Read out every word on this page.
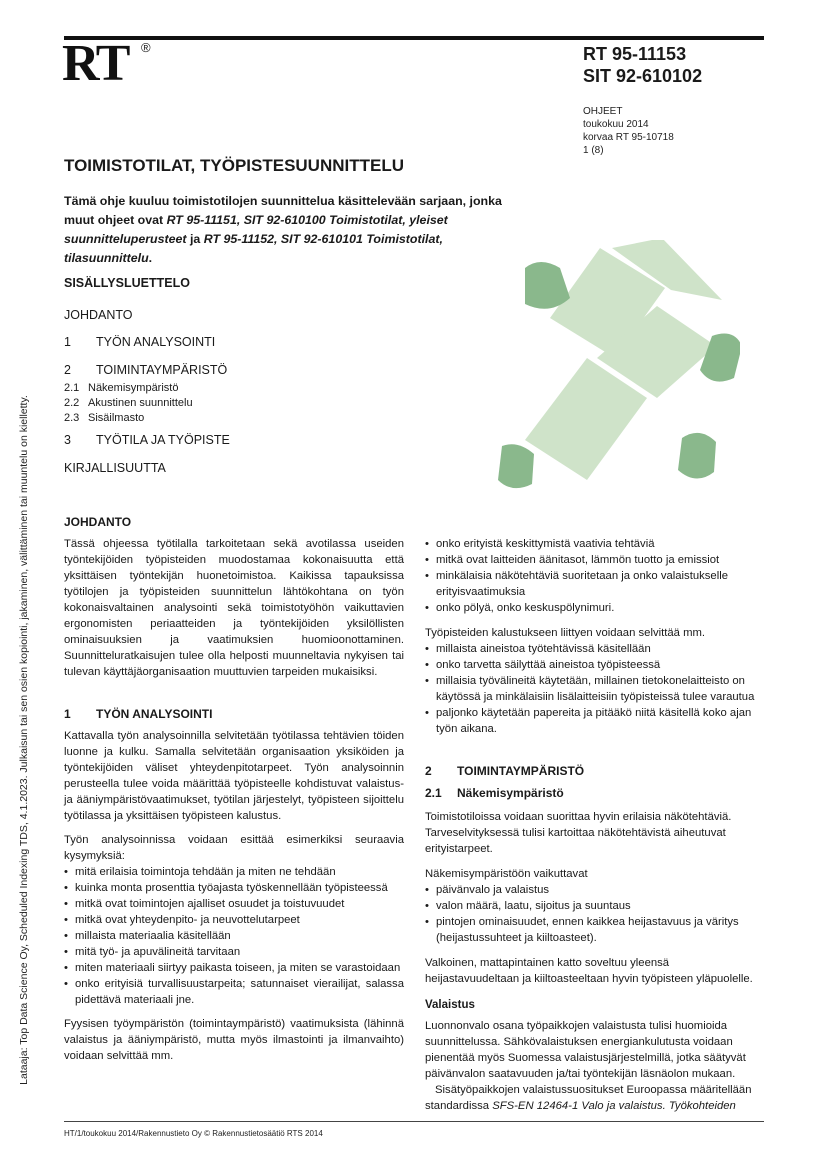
RT ®	RT 95-11153
SIT 92-610102
OHJEET
toukokuu 2014
korvaa RT 95-10718
1 (8)
TOIMISTOTILAT, TYÖPISTESUUNNITTELU
Tämä ohje kuuluu toimistotilojen suunnittelua käsittelevään sarjaan, jonka muut ohjeet ovat RT 95-11151, SIT 92-610100 Toimistotilat, yleiset suunnitteluperusteet ja RT 95-11152, SIT 92-610101 Toimistotilat, tilasuunnittelu.
SISÄLLYSLUETTELO
JOHDANTO
1 TYÖN ANALYSOINTI
2 TOIMINTAYMPÄRISTÖ
2.1 Näkemisympäristö
2.2 Akustinen suunnittelu
2.3 Sisäilmasto
3 TYÖTILA JA TYÖPISTE
KIRJALLISUUTTA
Lataaja: Top Data Science Oy, Scheduled Indexing TDS, 4.1.2023. Julkaisun tai sen osien kopiointi, jakaminen, välittäminen tai muuntelu on kielletty.	JOHDANTO

Tässä ohjeessa työtilalla tarkoitetaan sekä avotilassa useiden työntekijöiden työpisteiden muodostamaa kokonaisuutta että yksittäisen työntekijän huonetoimistoa. Kaikissa tapauksissa työtilojen ja työpisteiden suunnittelun lähtökohtana on työn kokonaisvaltainen analysointi sekä toimistotyöhön vaikuttavien ergonomisten periaatteiden ja työntekijöiden yksilöllisten ominaisuuksien ja vaatimuksien huomioonottaminen. Suunnitteluratkaisujen tulee olla helposti muunneltavia nykyisen tai tulevan käyttäjäorganisaation muuttuvien tarpeiden mukaisiksi.

1 TYÖN ANALYSOINTI

Kattavalla työn analysoinnilla selvitetään työtilassa tehtävien töiden luonne ja kulku. Samalla selvitetään organisaation yksiköiden ja työntekijöiden väliset yhteydenpitotarpeet. Työn analysoinnin perusteella tulee voida määrittää työpisteelle kohdistuvat valaistus- ja ääniympäristövaatimukset, työtilan järjestelyt, työpisteen sijoittelu työtilassa ja yksittäisen työpisteen kalustus.

Työn analysoinnissa voidaan esittää esimerkiksi seuraavia kysymyksiä:

• mitä erilaisia toimintoja tehdään ja miten ne tehdään
• kuinka monta prosenttia työajasta työskennellään työpisteessä
• mitkä ovat toimintojen ajalliset osuudet ja toistuvuudet
• mitkä ovat yhteydenpito- ja neuvottelutarpeet
• millaista materiaalia käsitellään
• mitä työ- ja apuvälineitä tarvitaan
• miten materiaali siirtyy paikasta toiseen, ja miten se varastoidaan
• onko erityisiä turvallisuustarpeita; satunnaiset vierailijat, salassa pidettävä materiaali jne.

Fyysisen työympäristön (toimintaympäristö) vaatimuksista (lähinnä valaistus ja ääniympäristö, mutta myös ilmastointi ja ilmanvaihto) voidaan selvittää mm.

• onko erityistä keskittymistä vaativia tehtäviä
• mitkä ovat laitteiden äänitasot, lämmön tuotto ja emissiot
• minkälaisia näkötehtäviä suoritetaan ja onko valaistukselle erityisvaatimuksia
• onko pölyä, onko keskuspölynimuri.

Työpisteiden kalustukseen liittyen voidaan selvittää mm.

• millaista aineistoa työtehtävissä käsitellään
• onko tarvetta säilyttää aineistoa työpisteessä
• millaisia työvälineitä käytetään, millainen tietokonelaitteisto on käytössä ja minkälaisiin lisälaitteisiin työpisteissä tulee varautua
• paljonko käytetään papereita ja pitääkö niitä käsitellä koko ajan työn aikana.
2 TOIMINTAYMPÄRISTÖ
2.1 Näkemisympäristö

Toimistotiloissa voidaan suorittaa hyvin erilaisia näkötehtäviä. Tarveselvityksessä tulisi kartoittaa näkötehtävistä aiheutuvat erityistarpeet.

Näkemisympäristöön vaikuttavat

• päivänvalo ja valaistus
• valon määrä, laatu, sijoitus ja suuntaus
• pintojen ominaisuudet, ennen kaikkea heijastavuus ja väritys (heijastussuhteet ja kiiltoasteet).

Valkoinen, mattapintainen katto soveltuu yleensä heijastavuudeltaan ja kiiltoasteeltaan hyvin työpisteen yläpuolelle.

Valaistus

Luonnonvalo osana työpaikkojen valaistusta tulisi huomioida suunnittelussa. Sähkövalaistuksen energiankulutusta voidaan pienentää myös Suomessa valaistusjärjestelmillä, jotka säätyvät päivänvalon saatavuuden ja/tai työntekijän läsnäolon mukaan.

Sisätyöpaikkojen valaistussuositukset Euroopassa määritellään standardissa SFS-EN 12464-1 Valo ja valaistus. Työkohteiden

HT/1/toukokuu 2014/Rakennustieto Oy © Rakennustietosäätiö RTS 2014
